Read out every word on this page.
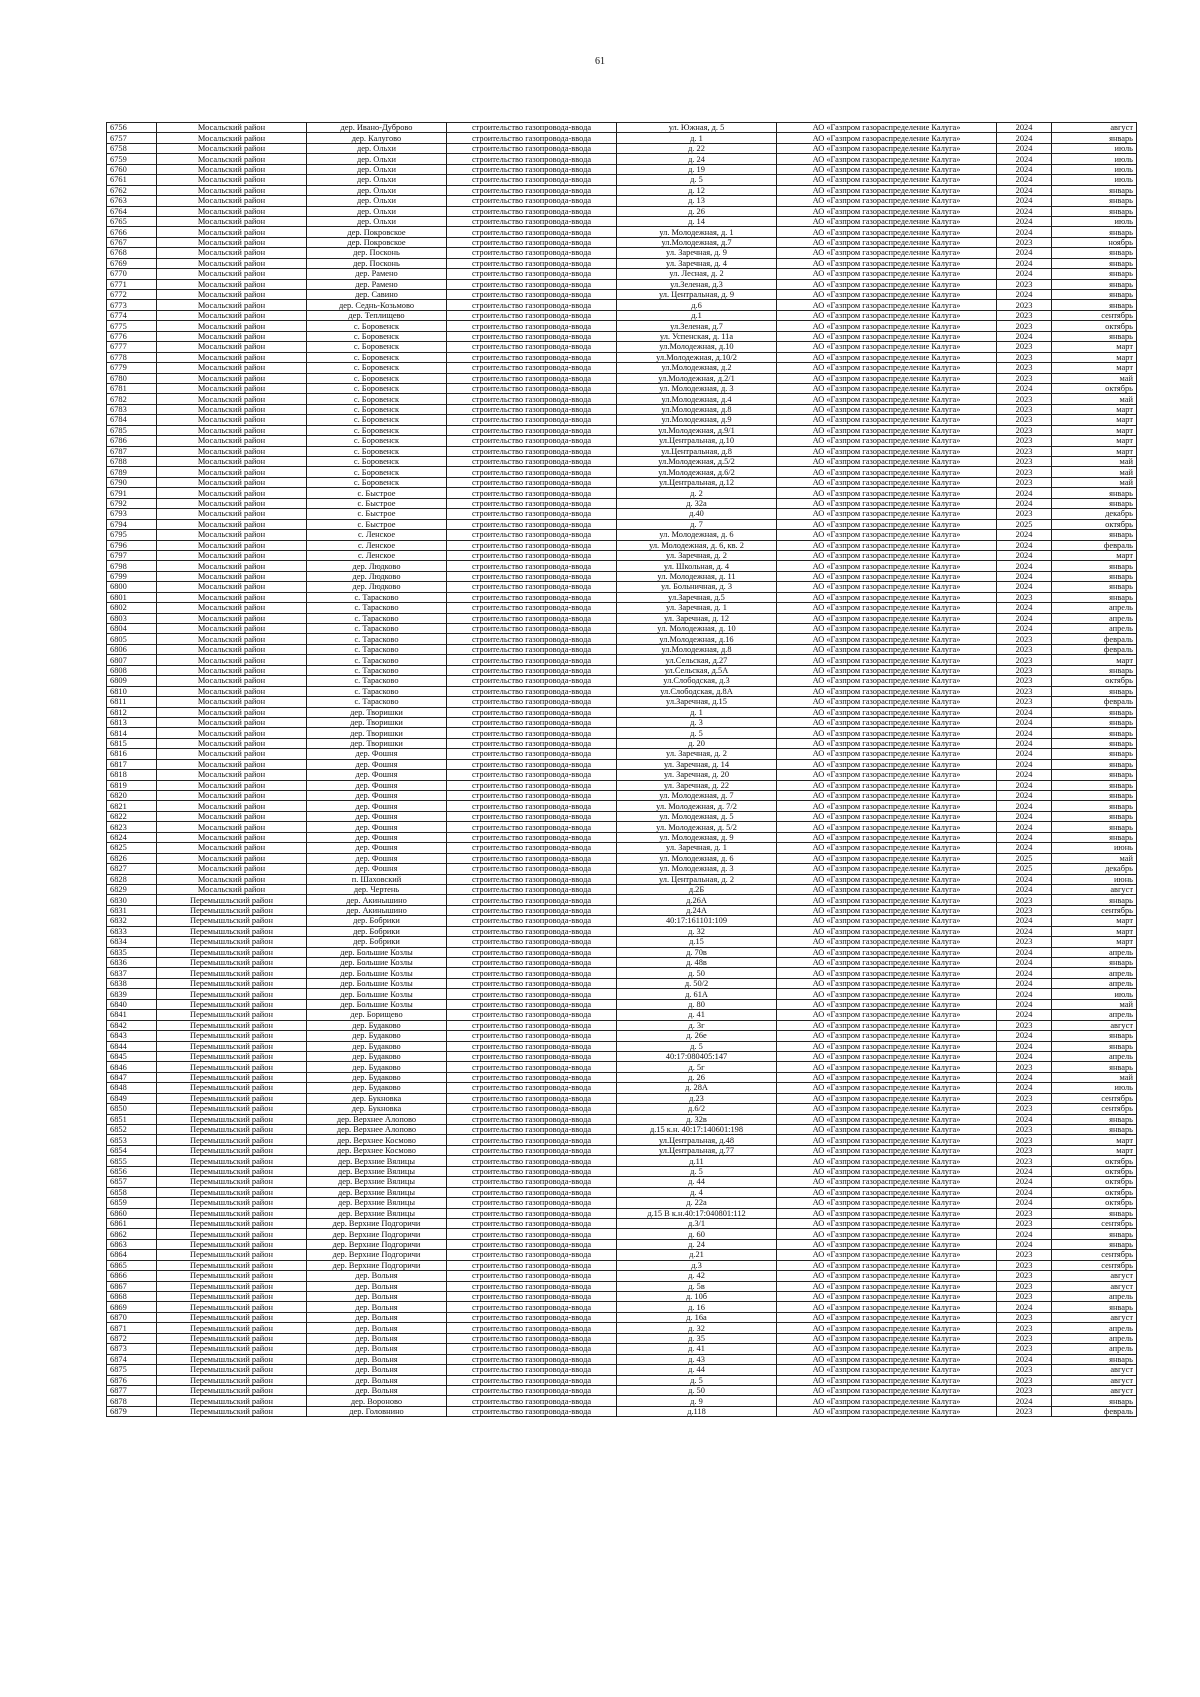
61
6756	Мосальский район	дер. Ивано-Дуброво	строительство газопровода-ввода	ул. Южная, д. 5	АО «Газпром газораспределение Калуга»	2024	август
6757	Мосальский район	дер. Калугово	строительство газопровода-ввода	д. 1	АО «Газпром газораспределение Калуга»	2024	январь
6758	Мосальский район	дер. Ольхи	строительство газопровода-ввода	д. 22	АО «Газпром газораспределение Калуга»	2024	июль
6759	Мосальский район	дер. Ольхи	строительство газопровода-ввода	д. 24	АО «Газпром газораспределение Калуга»	2024	июль
6760	Мосальский район	дер. Ольхи	строительство газопровода-ввода	д. 19	АО «Газпром газораспределение Калуга»	2024	июль
6761	Мосальский район	дер. Ольхи	строительство газопровода-ввода	д. 5	АО «Газпром газораспределение Калуга»	2024	июль
6762	Мосальский район	дер. Ольхи	строительство газопровода-ввода	д. 12	АО «Газпром газораспределение Калуга»	2024	январь
6763	Мосальский район	дер. Ольхи	строительство газопровода-ввода	д. 13	АО «Газпром газораспределение Калуга»	2024	январь
6764	Мосальский район	дер. Ольхи	строительство газопровода-ввода	д. 26	АО «Газпром газораспределение Калуга»	2024	январь
6765	Мосальский район	дер. Ольхи	строительство газопровода-ввода	д. 14	АО «Газпром газораспределение Калуга»	2024	июль
6766	Мосальский район	дер. Покровское	строительство газопровода-ввода	ул. Молодежная, д. 1	АО «Газпром газораспределение Калуга»	2024	январь
6767	Мосальский район	дер. Покровское	строительство газопровода-ввода	ул.Молодежная, д.7	АО «Газпром газораспределение Калуга»	2023	ноябрь
6768	Мосальский район	дер. Посконь	строительство газопровода-ввода	ул. Заречная, д. 9	АО «Газпром газораспределение Калуга»	2024	январь
6769	Мосальский район	дер. Посконь	строительство газопровода-ввода	ул. Заречная, д. 4	АО «Газпром газораспределение Калуга»	2024	январь
6770	Мосальский район	дер. Рамено	строительство газопровода-ввода	ул. Лесная, д. 2	АО «Газпром газораспределение Калуга»	2024	январь
6771	Мосальский район	дер. Рамено	строительство газопровода-ввода	ул.Зеленая, д.3	АО «Газпром газораспределение Калуга»	2023	январь
6772	Мосальский район	дер. Савино	строительство газопровода-ввода	ул. Центральная, д. 9	АО «Газпром газораспределение Калуга»	2024	январь
6773	Мосальский район	дер. Седнь-Козьмово	строительство газопровода-ввода	д.6	АО «Газпром газораспределение Калуга»	2023	январь
6774	Мосальский район	дер. Теплищево	строительство газопровода-ввода	д.1	АО «Газпром газораспределение Калуга»	2023	сентябрь
6775	Мосальский район	с. Боровенск	строительство газопровода-ввода	ул.Зеленая, д.7	АО «Газпром газораспределение Калуга»	2023	октябрь
6776	Мосальский район	с. Боровенск	строительство газопровода-ввода	ул. Успенская, д. 11а	АО «Газпром газораспределение Калуга»	2024	январь
6777	Мосальский район	с. Боровенск	строительство газопровода-ввода	ул.Молодежная, д.10	АО «Газпром газораспределение Калуга»	2023	март
6778	Мосальский район	с. Боровенск	строительство газопровода-ввода	ул.Молодежная, д.10/2	АО «Газпром газораспределение Калуга»	2023	март
6779	Мосальский район	с. Боровенск	строительство газопровода-ввода	ул.Молодежная, д.2	АО «Газпром газораспределение Калуга»	2023	март
6780	Мосальский район	с. Боровенск	строительство газопровода-ввода	ул.Молодежная, д.2/1	АО «Газпром газораспределение Калуга»	2023	май
6781	Мосальский район	с. Боровенск	строительство газопровода-ввода	ул. Молодежная, д. 3	АО «Газпром газораспределение Калуга»	2024	октябрь
6782	Мосальский район	с. Боровенск	строительство газопровода-ввода	ул.Молодежная, д.4	АО «Газпром газораспределение Калуга»	2023	май
6783	Мосальский район	с. Боровенск	строительство газопровода-ввода	ул.Молодежная, д.8	АО «Газпром газораспределение Калуга»	2023	март
6784	Мосальский район	с. Боровенск	строительство газопровода-ввода	ул.Молодежная, д.9	АО «Газпром газораспределение Калуга»	2023	март
6785	Мосальский район	с. Боровенск	строительство газопровода-ввода	ул.Молодежная, д.9/1	АО «Газпром газораспределение Калуга»	2023	март
6786	Мосальский район	с. Боровенск	строительство газопровода-ввода	ул.Центральная, д.10	АО «Газпром газораспределение Калуга»	2023	март
6787	Мосальский район	с. Боровенск	строительство газопровода-ввода	ул.Центральная, д.8	АО «Газпром газораспределение Калуга»	2023	март
6788	Мосальский район	с. Боровенск	строительство газопровода-ввода	ул.Молодежная, д.5/2	АО «Газпром газораспределение Калуга»	2023	май
6789	Мосальский район	с. Боровенск	строительство газопровода-ввода	ул.Молодежная, д.6/2	АО «Газпром газораспределение Калуга»	2023	май
6790	Мосальский район	с. Боровенск	строительство газопровода-ввода	ул.Центральная, д.12	АО «Газпром газораспределение Калуга»	2023	май
6791	Мосальский район	с. Быстрое	строительство газопровода-ввода	д. 2	АО «Газпром газораспределение Калуга»	2024	январь
6792	Мосальский район	с. Быстрое	строительство газопровода-ввода	д. 32а	АО «Газпром газораспределение Калуга»	2024	январь
6793	Мосальский район	с. Быстрое	строительство газопровода-ввода	д.40	АО «Газпром газораспределение Калуга»	2023	декабрь
6794	Мосальский район	с. Быстрое	строительство газопровода-ввода	д. 7	АО «Газпром газораспределение Калуга»	2025	октябрь
6795	Мосальский район	с. Ленское	строительство газопровода-ввода	ул. Молодежная, д. 6	АО «Газпром газораспределение Калуга»	2024	январь
6796	Мосальский район	с. Ленское	строительство газопровода-ввода	ул. Молодежная, д. 6, кв. 2	АО «Газпром газораспределение Калуга»	2024	февраль
6797	Мосальский район	с. Ленское	строительство газопровода-ввода	ул. Заречная, д. 2	АО «Газпром газораспределение Калуга»	2024	март
6798	Мосальский район	дер. Людково	строительство газопровода-ввода	ул. Школьная, д. 4	АО «Газпром газораспределение Калуга»	2024	январь
6799	Мосальский район	дер. Людково	строительство газопровода-ввода	ул. Молодежная, д. 11	АО «Газпром газораспределение Калуга»	2024	январь
6800	Мосальский район	дер. Людково	строительство газопровода-ввода	ул. Больничная, д. 3	АО «Газпром газораспределение Калуга»	2024	январь
6801	Мосальский район	с. Тарасково	строительство газопровода-ввода	ул.Заречная, д.5	АО «Газпром газораспределение Калуга»	2023	январь
6802	Мосальский район	с. Тарасково	строительство газопровода-ввода	ул. Заречная, д. 1	АО «Газпром газораспределение Калуга»	2024	апрель
6803	Мосальский район	с. Тарасково	строительство газопровода-ввода	ул. Заречная, д. 12	АО «Газпром газораспределение Калуга»	2024	апрель
6804	Мосальский район	с. Тарасково	строительство газопровода-ввода	ул. Молодежная, д. 10	АО «Газпром газораспределение Калуга»	2024	апрель
6805	Мосальский район	с. Тарасково	строительство газопровода-ввода	ул.Молодежная, д.16	АО «Газпром газораспределение Калуга»	2023	февраль
6806	Мосальский район	с. Тарасково	строительство газопровода-ввода	ул.Молодежная, д.8	АО «Газпром газораспределение Калуга»	2023	февраль
6807	Мосальский район	с. Тарасково	строительство газопровода-ввода	ул.Сельская, д.27	АО «Газпром газораспределение Калуга»	2023	март
6808	Мосальский район	с. Тарасково	строительство газопровода-ввода	ул.Сельская, д.5А	АО «Газпром газораспределение Калуга»	2023	январь
6809	Мосальский район	с. Тарасково	строительство газопровода-ввода	ул.Слободская, д.3	АО «Газпром газораспределение Калуга»	2023	октябрь
6810	Мосальский район	с. Тарасково	строительство газопровода-ввода	ул.Слободская, д.8А	АО «Газпром газораспределение Калуга»	2023	январь
6811	Мосальский район	с. Тарасково	строительство газопровода-ввода	ул.Заречная, д.15	АО «Газпром газораспределение Калуга»	2023	февраль
6812	Мосальский район	дер. Творишки	строительство газопровода-ввода	д. 1	АО «Газпром газораспределение Калуга»	2024	январь
6813	Мосальский район	дер. Творишки	строительство газопровода-ввода	д. 3	АО «Газпром газораспределение Калуга»	2024	январь
6814	Мосальский район	дер. Творишки	строительство газопровода-ввода	д. 5	АО «Газпром газораспределение Калуга»	2024	январь
6815	Мосальский район	дер. Творишки	строительство газопровода-ввода	д. 20	АО «Газпром газораспределение Калуга»	2024	январь
6816	Мосальский район	дер. Фошня	строительство газопровода-ввода	ул. Заречная, д. 2	АО «Газпром газораспределение Калуга»	2024	январь
6817	Мосальский район	дер. Фошня	строительство газопровода-ввода	ул. Заречная, д. 14	АО «Газпром газораспределение Калуга»	2024	январь
6818	Мосальский район	дер. Фошня	строительство газопровода-ввода	ул. Заречная, д. 20	АО «Газпром газораспределение Калуга»	2024	январь
6819	Мосальский район	дер. Фошня	строительство газопровода-ввода	ул. Заречная, д. 22	АО «Газпром газораспределение Калуга»	2024	январь
6820	Мосальский район	дер. Фошня	строительство газопровода-ввода	ул. Молодежная, д. 7	АО «Газпром газораспределение Калуга»	2024	январь
6821	Мосальский район	дер. Фошня	строительство газопровода-ввода	ул. Молодежная, д. 7/2	АО «Газпром газораспределение Калуга»	2024	январь
6822	Мосальский район	дер. Фошня	строительство газопровода-ввода	ул. Молодежная, д. 5	АО «Газпром газораспределение Калуга»	2024	январь
6823	Мосальский район	дер. Фошня	строительство газопровода-ввода	ул. Молодежная, д. 5/2	АО «Газпром газораспределение Калуга»	2024	январь
6824	Мосальский район	дер. Фошня	строительство газопровода-ввода	ул. Молодежная, д. 9	АО «Газпром газораспределение Калуга»	2024	январь
6825	Мосальский район	дер. Фошня	строительство газопровода-ввода	ул. Заречная, д. 1	АО «Газпром газораспределение Калуга»	2024	июнь
6826	Мосальский район	дер. Фошня	строительство газопровода-ввода	ул. Молодежная, д. 6	АО «Газпром газораспределение Калуга»	2025	май
6827	Мосальский район	дер. Фошня	строительство газопровода-ввода	ул. Молодежная, д. 3	АО «Газпром газораспределение Калуга»	2025	декабрь
6828	Мосальский район	п. Шаховский	строительство газопровода-ввода	ул. Центральная, д. 2	АО «Газпром газораспределение Калуга»	2024	июнь
6829	Мосальский район	дер. Чертень	строительство газопровода-ввода	д.2Б	АО «Газпром газораспределение Калуга»	2024	август
6830	Перемышльский район	дер. Акинышино	строительство газопровода-ввода	д.26А	АО «Газпром газораспределение Калуга»	2023	январь
6831	Перемышльский район	дер. Акинышино	строительство газопровода-ввода	д.24А	АО «Газпром газораспределение Калуга»	2023	сентябрь
6832	Перемышльский район	дер. Бобрики	строительство газопровода-ввода	40:17:161101:109	АО «Газпром газораспределение Калуга»	2024	март
6833	Перемышльский район	дер. Бобрики	строительство газопровода-ввода	д. 32	АО «Газпром газораспределение Калуга»	2024	март
6834	Перемышльский район	дер. Бобрики	строительство газопровода-ввода	д.15	АО «Газпром газораспределение Калуга»	2023	март
6835	Перемышльский район	дер. Большие Козлы	строительство газопровода-ввода	д. 70в	АО «Газпром газораспределение Калуга»	2024	апрель
6836	Перемышльский район	дер. Большие Козлы	строительство газопровода-ввода	д. 48в	АО «Газпром газораспределение Калуга»	2024	январь
6837	Перемышльский район	дер. Большие Козлы	строительство газопровода-ввода	д. 50	АО «Газпром газораспределение Калуга»	2024	апрель
6838	Перемышльский район	дер. Большие Козлы	строительство газопровода-ввода	д. 50/2	АО «Газпром газораспределение Калуга»	2024	апрель
6839	Перемышльский район	дер. Большие Козлы	строительство газопровода-ввода	д. 61А	АО «Газпром газораспределение Калуга»	2024	июль
6840	Перемышльский район	дер. Большие Козлы	строительство газопровода-ввода	д. 80	АО «Газпром газораспределение Калуга»	2024	май
6841	Перемышльский район	дер. Борищево	строительство газопровода-ввода	д. 41	АО «Газпром газораспределение Калуга»	2024	апрель
6842	Перемышльский район	дер. Будаково	строительство газопровода-ввода	д. 3г	АО «Газпром газораспределение Калуга»	2023	август
6843	Перемышльский район	дер. Будаково	строительство газопровода-ввода	д. 26е	АО «Газпром газораспределение Калуга»	2024	январь
6844	Перемышльский район	дер. Будаково	строительство газопровода-ввода	д. 5	АО «Газпром газораспределение Калуга»	2024	январь
6845	Перемышльский район	дер. Будаково	строительство газопровода-ввода	40:17:080405:147	АО «Газпром газораспределение Калуга»	2024	апрель
6846	Перемышльский район	дер. Будаково	строительство газопровода-ввода	д. 5г	АО «Газпром газораспределение Калуга»	2023	январь
6847	Перемышльский район	дер. Будаково	строительство газопровода-ввода	д. 26	АО «Газпром газораспределение Калуга»	2024	май
6848	Перемышльский район	дер. Будаково	строительство газопровода-ввода	д. 28А	АО «Газпром газораспределение Калуга»	2024	июль
6849	Перемышльский район	дер. Букновка	строительство газопровода-ввода	д.23	АО «Газпром газораспределение Калуга»	2023	сентябрь
6850	Перемышльский район	дер. Букновка	строительство газопровода-ввода	д.6/2	АО «Газпром газораспределение Калуга»	2023	сентябрь
6851	Перемышльский район	дер. Верхнее Алопово	строительство газопровода-ввода	д. 32в	АО «Газпром газораспределение Калуга»	2024	январь
6852	Перемышльский район	дер. Верхнее Алопово	строительство газопровода-ввода	д.15 к.н. 40:17:140601:198	АО «Газпром газораспределение Калуга»	2023	январь
6853	Перемышльский район	дер. Верхнее Космово	строительство газопровода-ввода	ул.Центральная, д.48	АО «Газпром газораспределение Калуга»	2023	март
6854	Перемышльский район	дер. Верхнее Космово	строительство газопровода-ввода	ул.Центральная, д.77	АО «Газпром газораспределение Калуга»	2023	март
6855	Перемышльский район	дер. Верхние Вялицы	строительство газопровода-ввода	д.11	АО «Газпром газораспределение Калуга»	2023	октябрь
6856	Перемышльский район	дер. Верхние Вялицы	строительство газопровода-ввода	д. 5	АО «Газпром газораспределение Калуга»	2024	октябрь
6857	Перемышльский район	дер. Верхние Вялицы	строительство газопровода-ввода	д. 44	АО «Газпром газораспределение Калуга»	2024	октябрь
6858	Перемышльский район	дер. Верхние Вялицы	строительство газопровода-ввода	д. 4	АО «Газпром газораспределение Калуга»	2024	октябрь
6859	Перемышльский район	дер. Верхние Вялицы	строительство газопровода-ввода	д. 22а	АО «Газпром газораспределение Калуга»	2024	октябрь
6860	Перемышльский район	дер. Верхние Вялицы	строительство газопровода-ввода	д.15 В к.н.40:17:040801:112	АО «Газпром газораспределение Калуга»	2023	январь
6861	Перемышльский район	дер. Верхние Подгоричи	строительство газопровода-ввода	д.3/1	АО «Газпром газораспределение Калуга»	2023	сентябрь
6862	Перемышльский район	дер. Верхние Подгоричи	строительство газопровода-ввода	д. 60	АО «Газпром газораспределение Калуга»	2024	январь
6863	Перемышльский район	дер. Верхние Подгоричи	строительство газопровода-ввода	д. 24	АО «Газпром газораспределение Калуга»	2024	январь
6864	Перемышльский район	дер. Верхние Подгоричи	строительство газопровода-ввода	д.21	АО «Газпром газораспределение Калуга»	2023	сентябрь
6865	Перемышльский район	дер. Верхние Подгоричи	строительство газопровода-ввода	д.3	АО «Газпром газораспределение Калуга»	2023	сентябрь
6866	Перемышльский район	дер. Вольня	строительство газопровода-ввода	д. 42	АО «Газпром газораспределение Калуга»	2023	август
6867	Перемышльский район	дер. Вольня	строительство газопровода-ввода	д. 5в	АО «Газпром газораспределение Калуга»	2023	август
6868	Перемышльский район	дер. Вольня	строительство газопровода-ввода	д. 10б	АО «Газпром газораспределение Калуга»	2023	апрель
6869	Перемышльский район	дер. Вольня	строительство газопровода-ввода	д. 16	АО «Газпром газораспределение Калуга»	2024	январь
6870	Перемышльский район	дер. Вольня	строительство газопровода-ввода	д. 16а	АО «Газпром газораспределение Калуга»	2023	август
6871	Перемышльский район	дер. Вольня	строительство газопровода-ввода	д. 32	АО «Газпром газораспределение Калуга»	2023	апрель
6872	Перемышльский район	дер. Вольня	строительство газопровода-ввода	д. 35	АО «Газпром газораспределение Калуга»	2023	апрель
6873	Перемышльский район	дер. Вольня	строительство газопровода-ввода	д. 41	АО «Газпром газораспределение Калуга»	2023	апрель
6874	Перемышльский район	дер. Вольня	строительство газопровода-ввода	д. 43	АО «Газпром газораспределение Калуга»	2024	январь
6875	Перемышльский район	дер. Вольня	строительство газопровода-ввода	д. 44	АО «Газпром газораспределение Калуга»	2023	август
6876	Перемышльский район	дер. Вольня	строительство газопровода-ввода	д. 5	АО «Газпром газораспределение Калуга»	2023	август
6877	Перемышльский район	дер. Вольня	строительство газопровода-ввода	д. 50	АО «Газпром газораспределение Калуга»	2023	август
6878	Перемышльский район	дер. Вороново	строительство газопровода-ввода	д. 9	АО «Газпром газораспределение Калуга»	2024	январь
6879	Перемышльский район	дер. Головнино	строительство газопровода-ввода	д.118	АО «Газпром газораспределение Калуга»	2023	февраль
